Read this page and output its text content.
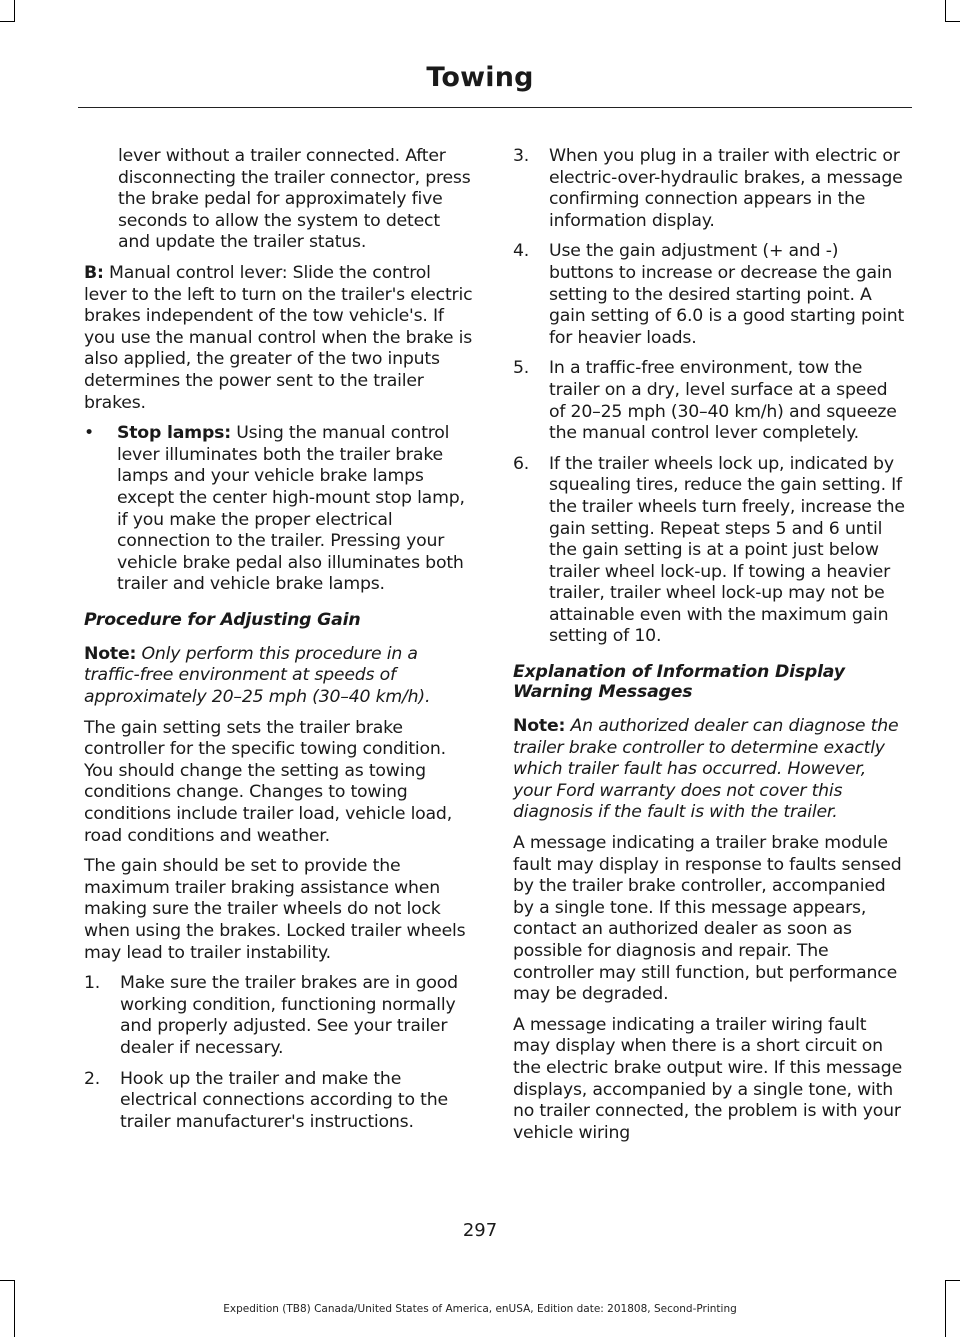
Towing

lever without a trailer connected. After disconnecting the trailer connector, press the brake pedal for approximately five seconds to allow the system to detect and update the trailer status.

B: Manual control lever: Slide the control lever to the left to turn on the trailer's electric brakes independent of the tow vehicle's. If you use the manual control when the brake is also applied, the greater of the two inputs determines the power sent to the trailer brakes.

• Stop lamps: Using the manual control lever illuminates both the trailer brake lamps and your vehicle brake lamps except the center high-mount stop lamp, if you make the proper electrical connection to the trailer. Pressing your vehicle brake pedal also illuminates both trailer and vehicle brake lamps.
Procedure for Adjusting Gain

Note: Only perform this procedure in a traffic-free environment at speeds of approximately 20–25 mph (30–40 km/h).

The gain setting sets the trailer brake controller for the specific towing condition. You should change the setting as towing conditions change. Changes to towing conditions include trailer load, vehicle load, road conditions and weather.

The gain should be set to provide the maximum trailer braking assistance when making sure the trailer wheels do not lock when using the brakes. Locked trailer wheels may lead to trailer instability.

1. Make sure the trailer brakes are in good working condition, functioning normally and properly adjusted. See your trailer dealer if necessary.
2. Hook up the trailer and make the electrical connections according to the trailer manufacturer's instructions.
3. When you plug in a trailer with electric or electric-over-hydraulic brakes, a message confirming connection appears in the information display.
4. Use the gain adjustment (+ and -) buttons to increase or decrease the gain setting to the desired starting point. A gain setting of 6.0 is a good starting point for heavier loads.
5. In a traffic-free environment, tow the trailer on a dry, level surface at a speed of 20–25 mph (30–40 km/h) and squeeze the manual control lever completely.
6. If the trailer wheels lock up, indicated by squealing tires, reduce the gain setting. If the trailer wheels turn freely, increase the gain setting. Repeat steps 5 and 6 until the gain setting is at a point just below trailer wheel lock-up. If towing a heavier trailer, trailer wheel lock-up may not be attainable even with the maximum gain setting of 10.
Explanation of Information Display Warning Messages

Note: An authorized dealer can diagnose the trailer brake controller to determine exactly which trailer fault has occurred. However, your Ford warranty does not cover this diagnosis if the fault is with the trailer.

A message indicating a trailer brake module fault may display in response to faults sensed by the trailer brake controller, accompanied by a single tone. If this message appears, contact an authorized dealer as soon as possible for diagnosis and repair. The controller may still function, but performance may be degraded.

A message indicating a trailer wiring fault may display when there is a short circuit on the electric brake output wire. If this message displays, accompanied by a single tone, with no trailer connected, the problem is with your vehicle wiring

297
Expedition (TB8) Canada/United States of America, enUSA, Edition date: 201808, Second-Printing
